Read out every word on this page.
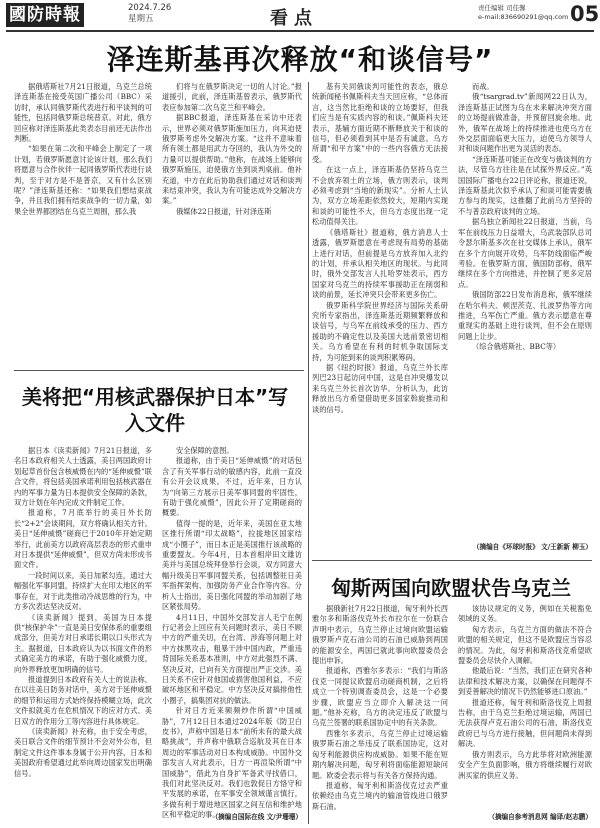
國防時報	2024.7.26
星期五	看点	责任编辑 司佳馨
e-mail:836690291@qq.com 05
泽连斯基再次释放“和谈信号”

据俄塔斯社7月21日报道，乌克兰总统泽连斯基在接受英国广播公司（BBC）采访时，承认同俄罗斯代表进行和平谈判的可能性，包括同俄罗斯总统普京。对此，俄方回应称对泽连斯基此类表态目前还无法作出判断。

“如果在第二次和平峰会上制定了一项计划，若俄罗斯愿意讨论该计划，那么我们将愿意与合作伙伴一起同俄罗斯代表进行谈判，至于对方是不是普京，又有什么区别呢？”泽连斯基还称：“如果我们想结束战争，并且我们拥有结束战争的一切力量，如果全世界都团结在乌克兰周围，那么我

们将与在俄罗斯决定一切的人讨论。”报道援引，此前，泽连斯基曾表示，俄罗斯代表应参加第二次乌克兰和平峰会。

据BBC报道，泽连斯基在采访中还表示，世界必须对俄罗斯施加压力，向其迫使俄罗斯考虑外交解决方案。“这并不意味着所有领土都是用武力夺回的，我认为外交的力量可以提供帮助。”他称，在战场上能够向俄罗斯施压，迫使俄方坐到谈判桌前。他补充道，中方在此后协助我们通过对话和谈判来结束冲突，我认为有可能达成外交解决方案。”

俄媒体22日报道，针对泽连斯

基有关同俄谈判可能性的表态，俄总统新闻秘书佩斯科夫当天回应称，“总体而言，这当然比拒绝和谈的立场要好，但我们应当是有实质内容的和谈。”佩斯科夫还表示，基辅方面近期不断释放关于和谈的信号，但必须看到其中是否有诚意。乌方所谓“和平方案”中的一些内容俄方无法接受。

在这一点上，泽连斯基仍坚持乌克兰不会放弃领土的立场，俄方则表示，谈判必须考虑到“当地的新现实”。分析人士认为，双方立场差距依然较大，短期内实现和谈的可能性不大，但乌方态度出现一定松动值得关注。

《俄塔斯社》报道称，俄方消息人士透露，俄罗斯愿意在考虑现有局势的基础上进行对话，但前提是乌方放弃加入北约的计划，并承认相关地区的现状。与此同时，俄外交部发言人扎哈罗娃表示，西方国家对乌克兰的持续军事援助正在削弱和谈的前景，延长冲突只会带来更多伤亡。

俄罗斯科学院世界经济与国际关系研究所专家指出，泽连斯基近期频繁释放和谈信号，与乌军在前线承受的压力、西方援助的不确定性以及美国大选前景密切相关。乌方希望在有利的时机争取国际支持，为可能到来的谈判积累筹码。

据《纽约时报》报道，乌克兰外长库列巴23日起访问中国，这是自冲突爆发以来乌克兰外长首次访华。分析认为，此访释放出乌方希望借助更多国家斡旋推动和谈的信号。

而战。

俄“tsargrad.tv”新闻网22日认为，泽连斯基正试图为乌在未来解决冲突方面的立场提前做准备，并预留回旋余地。此外，俄军在战场上的持续推进也使乌方在外交层面面临更大压力，迫使乌方领导人对和谈问题作出更为灵活的表态。

“泽连斯基可能正在改变与俄谈判的方法，尽管乌方往往是在试探外界反应。”英国国际广播电台22日评论称，报道还说，泽连斯基此次似乎承认了和谈可能需要俄方参与的现实，这推翻了此前乌方坚持的不与普京政府谈判的立场。

据乌独立新闻社22日报道，当前，乌军在前线压力日益增大，乌武装部队总司令瑟尔斯基多次在社交媒体上承认，俄军在多个方向展开攻势，乌军防线面临严峻考验。在俄罗斯方面，俄国防部称，俄军继续在多个方向推进，并控制了更多定居点。

俄国防部22日发布消息称，俄军继续在哈尔科夫、顿涅茨克、扎波罗热等方向推进，乌军伤亡严重。俄方表示愿意在尊重现实的基础上进行谈判，但不会在原则问题上让步。

（综合俄塔斯社、BBC等）

（摘编自《环球时报》 文/王新新 柳玉）

美将把“用核武器保护日本”写入文件

据日本《读卖新闻》7月21日报道，多名日本政府相关人士透露，美日两国政府计划起草首份包含核威慑在内的“延伸威慑”联合文件，将包括美国承诺利用包括核武器在内的军事力量为日本提供安全保障的条款，双方计划在年内完成文件制定工作。

报道称，7月底举行的美日外长防长“2+2”会谈期间，双方将确认相关方针。美日“延伸威慑”磋商已于2010年开始定期举行，此前美方以政府高层表态的形式重申对日本提供“延伸威慑”，但双方尚未形成书面文件。

一段时间以来，美日加紧勾连，通过大幅强化军事同盟，持续扩大在印太地区的军事存在，对于此类推动冷战思维的行为，中方多次表达坚决反对。

《读卖新闻》提到，美国为日本提供“核保护伞”一直是美日安保体系的重要组成部分，但美方对日承诺长期以口头形式为主。据报道，日本政府认为以书面文件的形式确定美方的承诺，有助于强化威慑力度，向外界释放更加明确的信号。

报道提到日本政府有关人士的说法称，在以往美日防务对话中，美方对于延伸威慑的细节和运用方式始终保持模糊立场，此次文件拟就美方在危机情况下的应对方式、美日双方的作用分工等内容进行具体规定。

《读卖新闻》补充称，由于安全考虑，美日联合文件的细节预计不会对外公布，但制定文件这件事本身属于公开内容，日本和美国政府希望通过此举向周边国家发出明确信号。

安全保障的意图。

报道称，由于美日“延伸威慑”的对话包含了有关军事行动的敏感内容，此前一直没有公开会议成果。不过，近年来，日方认为“向第三方展示日美军事同盟的牢固性，有助于强化威慑”，因此公开了定期磋商的概要。

值得一提的是，近年来，美国在亚太地区推行所谓“印太战略”，拉拢地区国家结成“小圈子”，而日本正是美国推行该战略的重要盟友。今年4月，日本首相岸田文雄访美并与美国总统拜登举行会谈，双方同意大幅升级美日军事同盟关系，包括调整驻日美军指挥架构、加强防务产业合作等内容。分析人士指出，美日强化同盟的举动加剧了地区紧张局势。

4月11日，中国外交部发言人毛宁在例行记者会上回应有关问题时表示，美日不顾中方的严重关切，在台湾、涉海等问题上对中方抹黑攻击，粗暴干涉中国内政，严重违背国际关系基本准则，中方对此强烈不满、坚决反对，已向有关方面提出严正交涉。美日关系不应针对他国或损害他国利益，不应破坏地区和平稳定。中方坚决反对搞排他性小圈子，搞集团对抗的做法。

针对日方近来频频炒作所谓“中国威胁”，7月12日日本通过2024年版《防卫白皮书》，声称中国是日本“前所未有的最大战略挑战”，并声称中俄联合巡航及其在日本周边的军事活动对日本构成威胁。中国外交部发言人对此表示，日方一再渲染所谓“中国威胁”，借此为自身扩军备武寻找借口，我们对此坚决反对。我们也敦促日方恪守和平发展的承诺，在军事安全领域谨言慎行，多做有利于增进地区国家之间互信和维护地区和平稳定的事。

（摘编自国际在线 文/尹珊珊）

匈斯两国向欧盟状告乌克兰

据俄新社7月22日报道，匈牙利外长西雅尔多和斯洛伐克外长布拉尔在一份联合声明中表示，乌克兰停止过境向欧盟运输俄罗斯卢克石油公司的石油已威胁到两国的能源安全，两国已就此事向欧盟委员会提出申诉。

报道称，西雅尔多表示：“我们与斯洛伐克一同提议欧盟启动磋商机制，之后将成立一个特别调查委员会，这是一个必要步骤，欧盟应当立即介入解决这一问题。”他补充称，乌方的决定违反了欧盟与乌克兰签署的联系国协定中的有关条款。

西雅尔多表示，乌克兰停止过境运输俄罗斯石油之举违反了联系国协定，这对匈牙利能源供应构成威胁。如果不能在短期内解决问题，匈牙利将面临能源短缺问题。欧委会表示将与有关各方保持沟通。

报道称，匈牙利和斯洛伐克过去严重依赖经由乌克兰境内的输油管线进口俄罗斯石油。

该协议规定的义务，例如在关税豁免领域的义务。

匈方表示，乌克兰方面的做法不符合欧盟的相关规定，但这不是欧盟应当容忍的情况。为此，匈牙利和斯洛伐克希望欧盟委员会尽快介入调解。

他最后说：“当然，我们正在研究各种法律和技术解决方案，以确保在问题得不到妥善解决的情况下仍然能够进口原油。”

报道还称，匈牙利和斯洛伐克上周报告称，由于乌克兰拒绝过境运输，两国已无法获得卢克石油公司的石油，斯洛伐克政府已与乌方进行接触，但问题尚未得到解决。

俄方则表示，乌方此举将对欧洲能源安全产生负面影响，俄方将继续履行对欧洲买家的供应义务。

（摘编自参考消息网 编译/赵志鹏）
